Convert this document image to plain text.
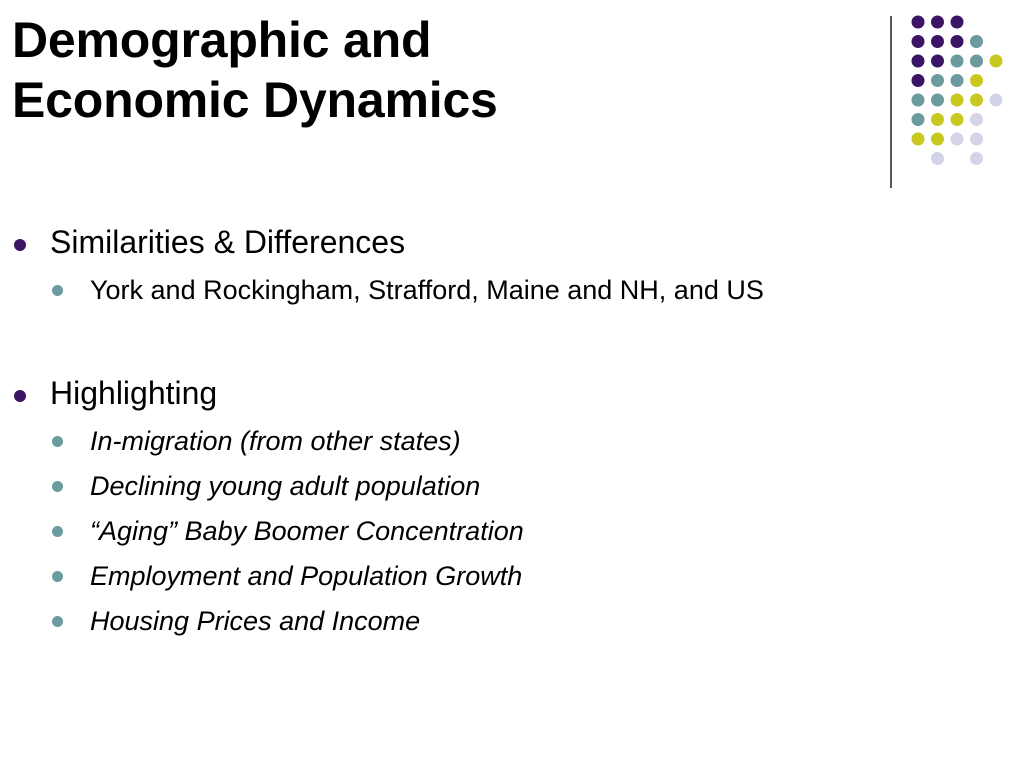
Demographic and
Economic Dynamics
Similarities & Differences
York and Rockingham, Strafford, Maine and NH, and US
Highlighting
In-migration (from other states)
Declining young adult population
“Aging” Baby Boomer Concentration
Employment and Population Growth
Housing Prices and Income
